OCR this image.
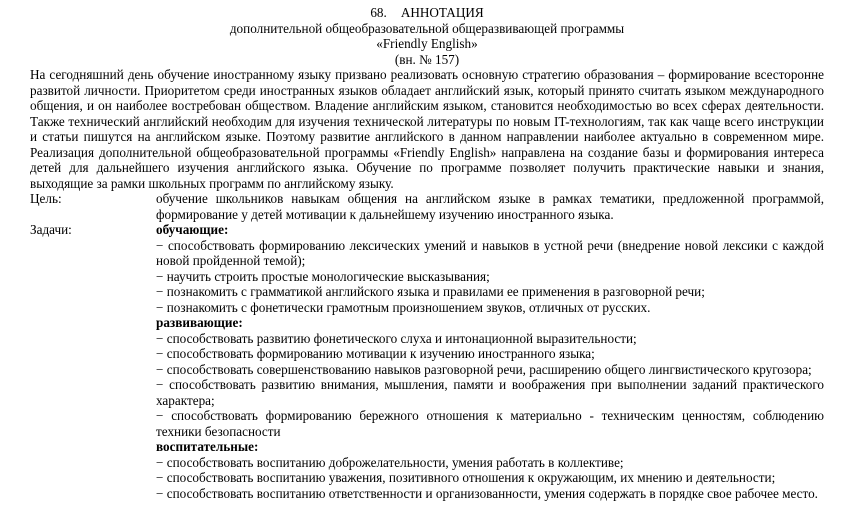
68. АННОТАЦИЯ
дополнительной общеобразовательной общеразвивающей программы
«Friendly English»
(вн. № 157)

На сегодняшний день обучение иностранному языку призвано реализовать основную стратегию образования – формирование всесторонне развитой личности. Приоритетом среди иностранных языков обладает английский язык, который принято считать языком международного общения, и он наиболее востребован обществом. Владение английским языком, становится необходимостью во всех сферах деятельности. Также технический английский необходим для изучения технической литературы по новым IT-технологиям, так как чаще всего инструкции и статьи пишутся на английском языке. Поэтому развитие английского в данном направлении наиболее актуально в современном мире. Реализация дополнительной общеобразовательной программы «Friendly English» направлена на создание базы и формирования интереса детей для дальнейшего изучения английского языка. Обучение по программе позволяет получить практические навыки и знания, выходящие за рамки школьных программ по английскому языку.

Цель:	обучение школьников навыкам общения на английском языке в рамках тематики, предложенной программой, формирование у детей мотивации к дальнейшему изучению иностранного языка.
Задачи:	обучающие:
− способствовать формированию лексических умений и навыков в устной речи (внедрение новой лексики с каждой новой пройденной темой);
− научить строить простые монологические высказывания;
− познакомить с грамматикой английского языка и правилами ее применения в разговорной речи;
− познакомить с фонетически грамотным произношением звуков, отличных от русских.
развивающие:
− способствовать развитию фонетического слуха и интонационной выразительности;
− способствовать формированию мотивации к изучению иностранного языка;
− способствовать совершенствованию навыков разговорной речи, расширению общего лингвистического кругозора;
− способствовать развитию внимания, мышления, памяти и воображения при выполнении заданий практического характера;
− способствовать формированию бережного отношения к материально - техническим ценностям, соблюдению техники безопасности
воспитательные:
− способствовать воспитанию доброжелательности, умения работать в коллективе;
− способствовать воспитанию уважения, позитивного отношения к окружающим, их мнению и деятельности;
− способствовать воспитанию ответственности и организованности, умения содержать в порядке свое рабочее место.
